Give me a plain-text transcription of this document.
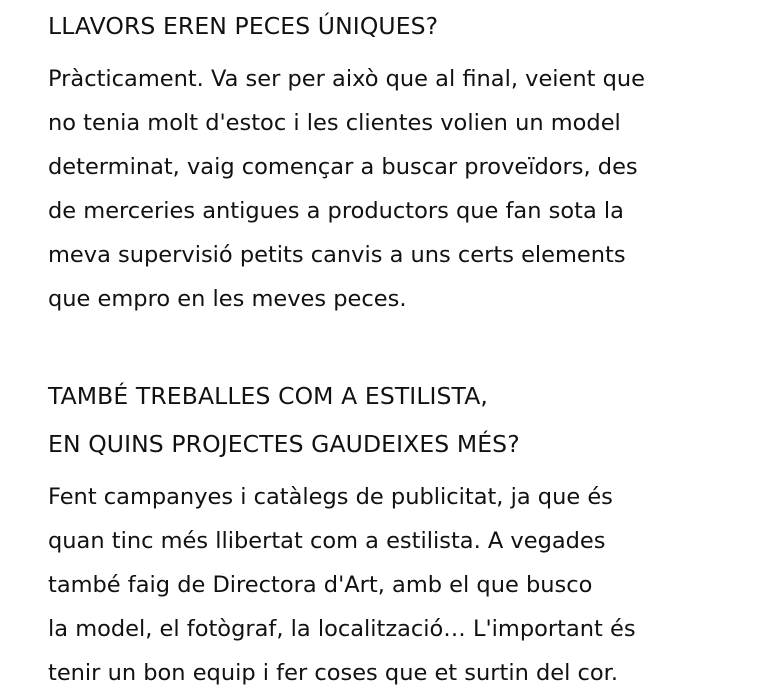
LLAVORS EREN PECES ÚNIQUES?

Pràcticament. Va ser per això que al final, veient que
no tenia molt d'estoc i les clientes volien un model
determinat, vaig començar a buscar proveïdors, des
de merceries antigues a productors que fan sota la
meva supervisió petits canvis a uns certs elements
que empro en les meves peces.

TAMBÉ TREBALLES COM A ESTILISTA,
EN QUINS PROJECTES GAUDEIXES MÉS?

Fent campanyes i catàlegs de publicitat, ja que és
quan tinc més llibertat com a estilista. A vegades
també faig de Directora d'Art, amb el que busco
la model, el fotògraf, la localització… L'important és
tenir un bon equip i fer coses que et surtin del cor.
